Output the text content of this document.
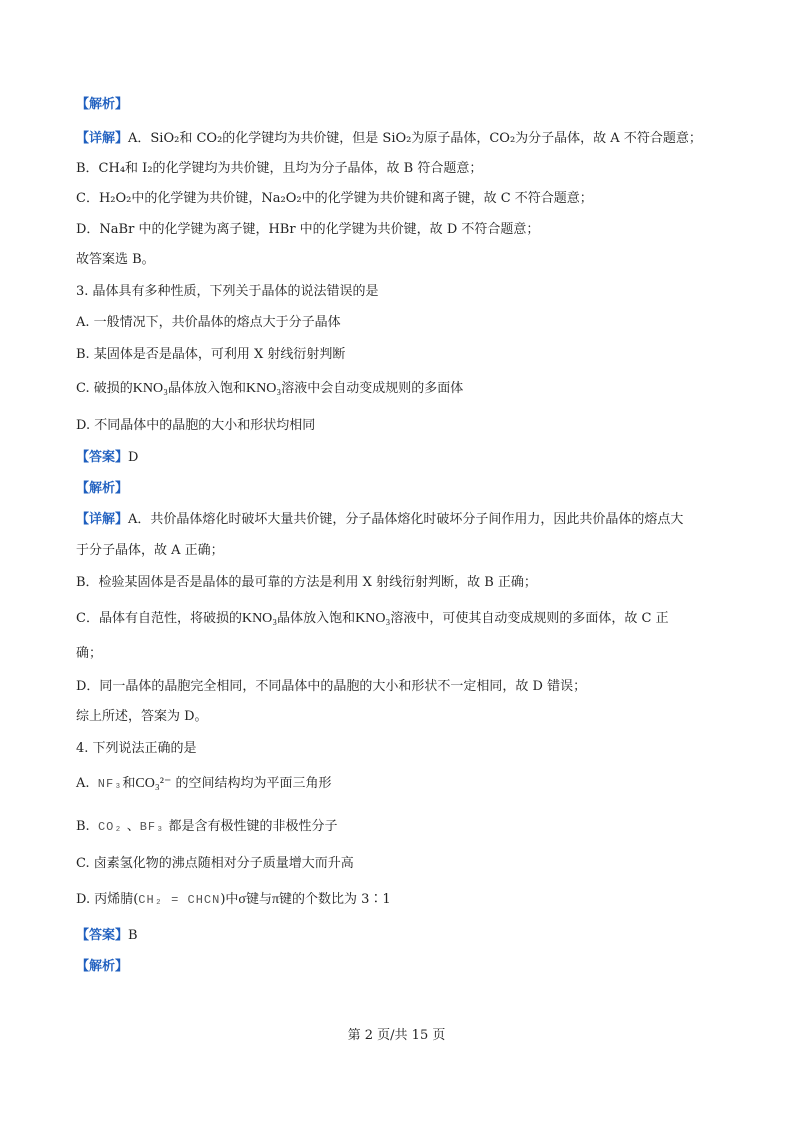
【解析】
【详解】A．SiO₂和 CO₂的化学键均为共价键，但是 SiO₂为原子晶体，CO₂为分子晶体，故 A 不符合题意；
B．CH₄和 I₂的化学键均为共价键，且均为分子晶体，故 B 符合题意；
C．H₂O₂中的化学键为共价键，Na₂O₂中的化学键为共价键和离子键，故 C 不符合题意；
D．NaBr 中的化学键为离子键，HBr 中的化学键为共价键，故 D 不符合题意；
故答案选 B。
3. 晶体具有多种性质，下列关于晶体的说法错误的是
A. 一般情况下，共价晶体的熔点大于分子晶体
B. 某固体是否是晶体，可利用 X 射线衍射判断
C. 破损的KNO₃晶体放入饱和KNO₃溶液中会自动变成规则的多面体
D. 不同晶体中的晶胞的大小和形状均相同
【答案】D
【解析】
【详解】A．共价晶体熔化时破坏大量共价键，分子晶体熔化时破坏分子间作用力，因此共价晶体的熔点大
于分子晶体，故 A 正确；
B．检验某固体是否是晶体的最可靠的方法是利用 X 射线衍射判断，故 B 正确；
C．晶体有自范性，将破损的KNO₃晶体放入饱和KNO₃溶液中，可使其自动变成规则的多面体，故 C 正
确；
D．同一晶体的晶胞完全相同，不同晶体中的晶胞的大小和形状不一定相同，故 D 错误；
综上所述，答案为 D。
4. 下列说法正确的是
A. NF₃和CO₃²⁻ 的空间结构均为平面三角形
B. CO₂ 、BF₃ 都是含有极性键的非极性分子
C. 卤素氢化物的沸点随相对分子质量增大而升高
D. 丙烯腈(CH₂ = CHCN)中σ键与π键的个数比为 3∶1
【答案】B
【解析】
第 2 页/共 15 页
